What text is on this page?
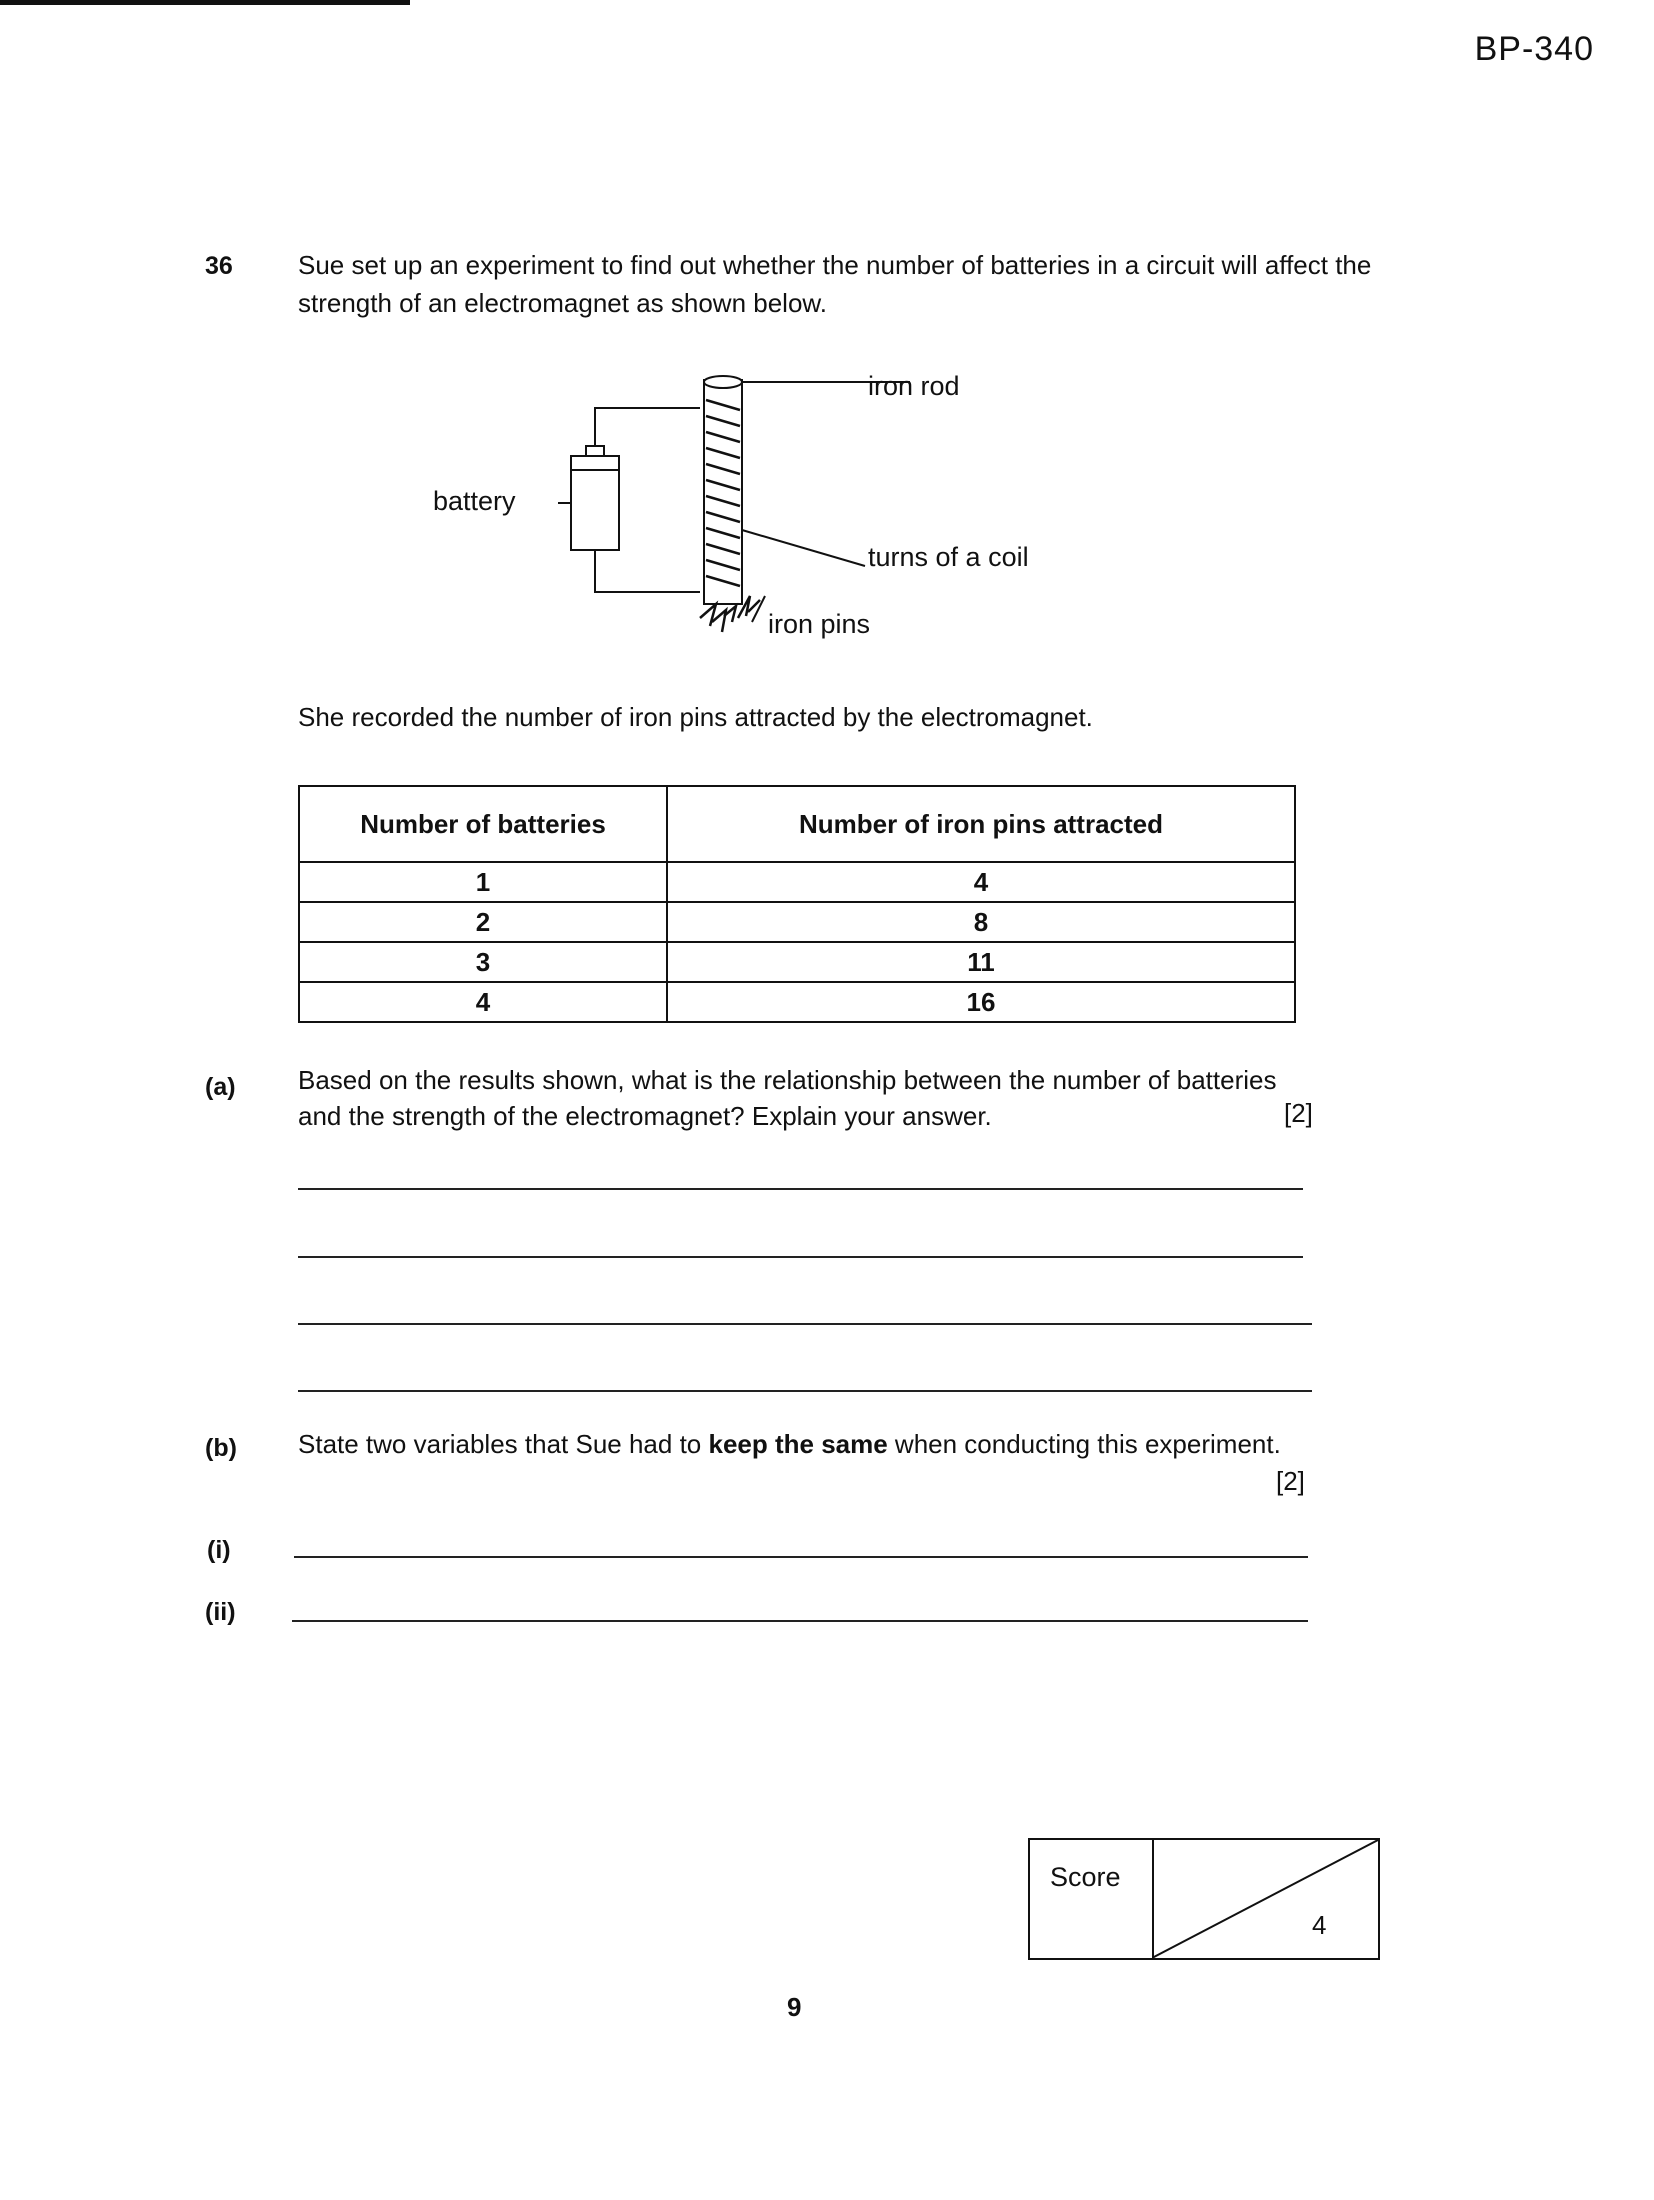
BP-340
36	Sue set up an experiment to find out whether the number of batteries in a circuit will affect the strength of an electromagnet as shown below.
iron rod
battery
turns of a coil
iron pins
She recorded the number of iron pins attracted by the electromagnet.
Number of batteries	Number of iron pins attracted
1	4
2	8
3	11
4	16
(a) Based on the results shown, what is the relationship between the number of batteries and the strength of the electromagnet? Explain your answer.	[2]
(b) State two variables that Sue had to keep the same when conducting this experiment.
[2]
(i)
(ii)
Score
4
9
